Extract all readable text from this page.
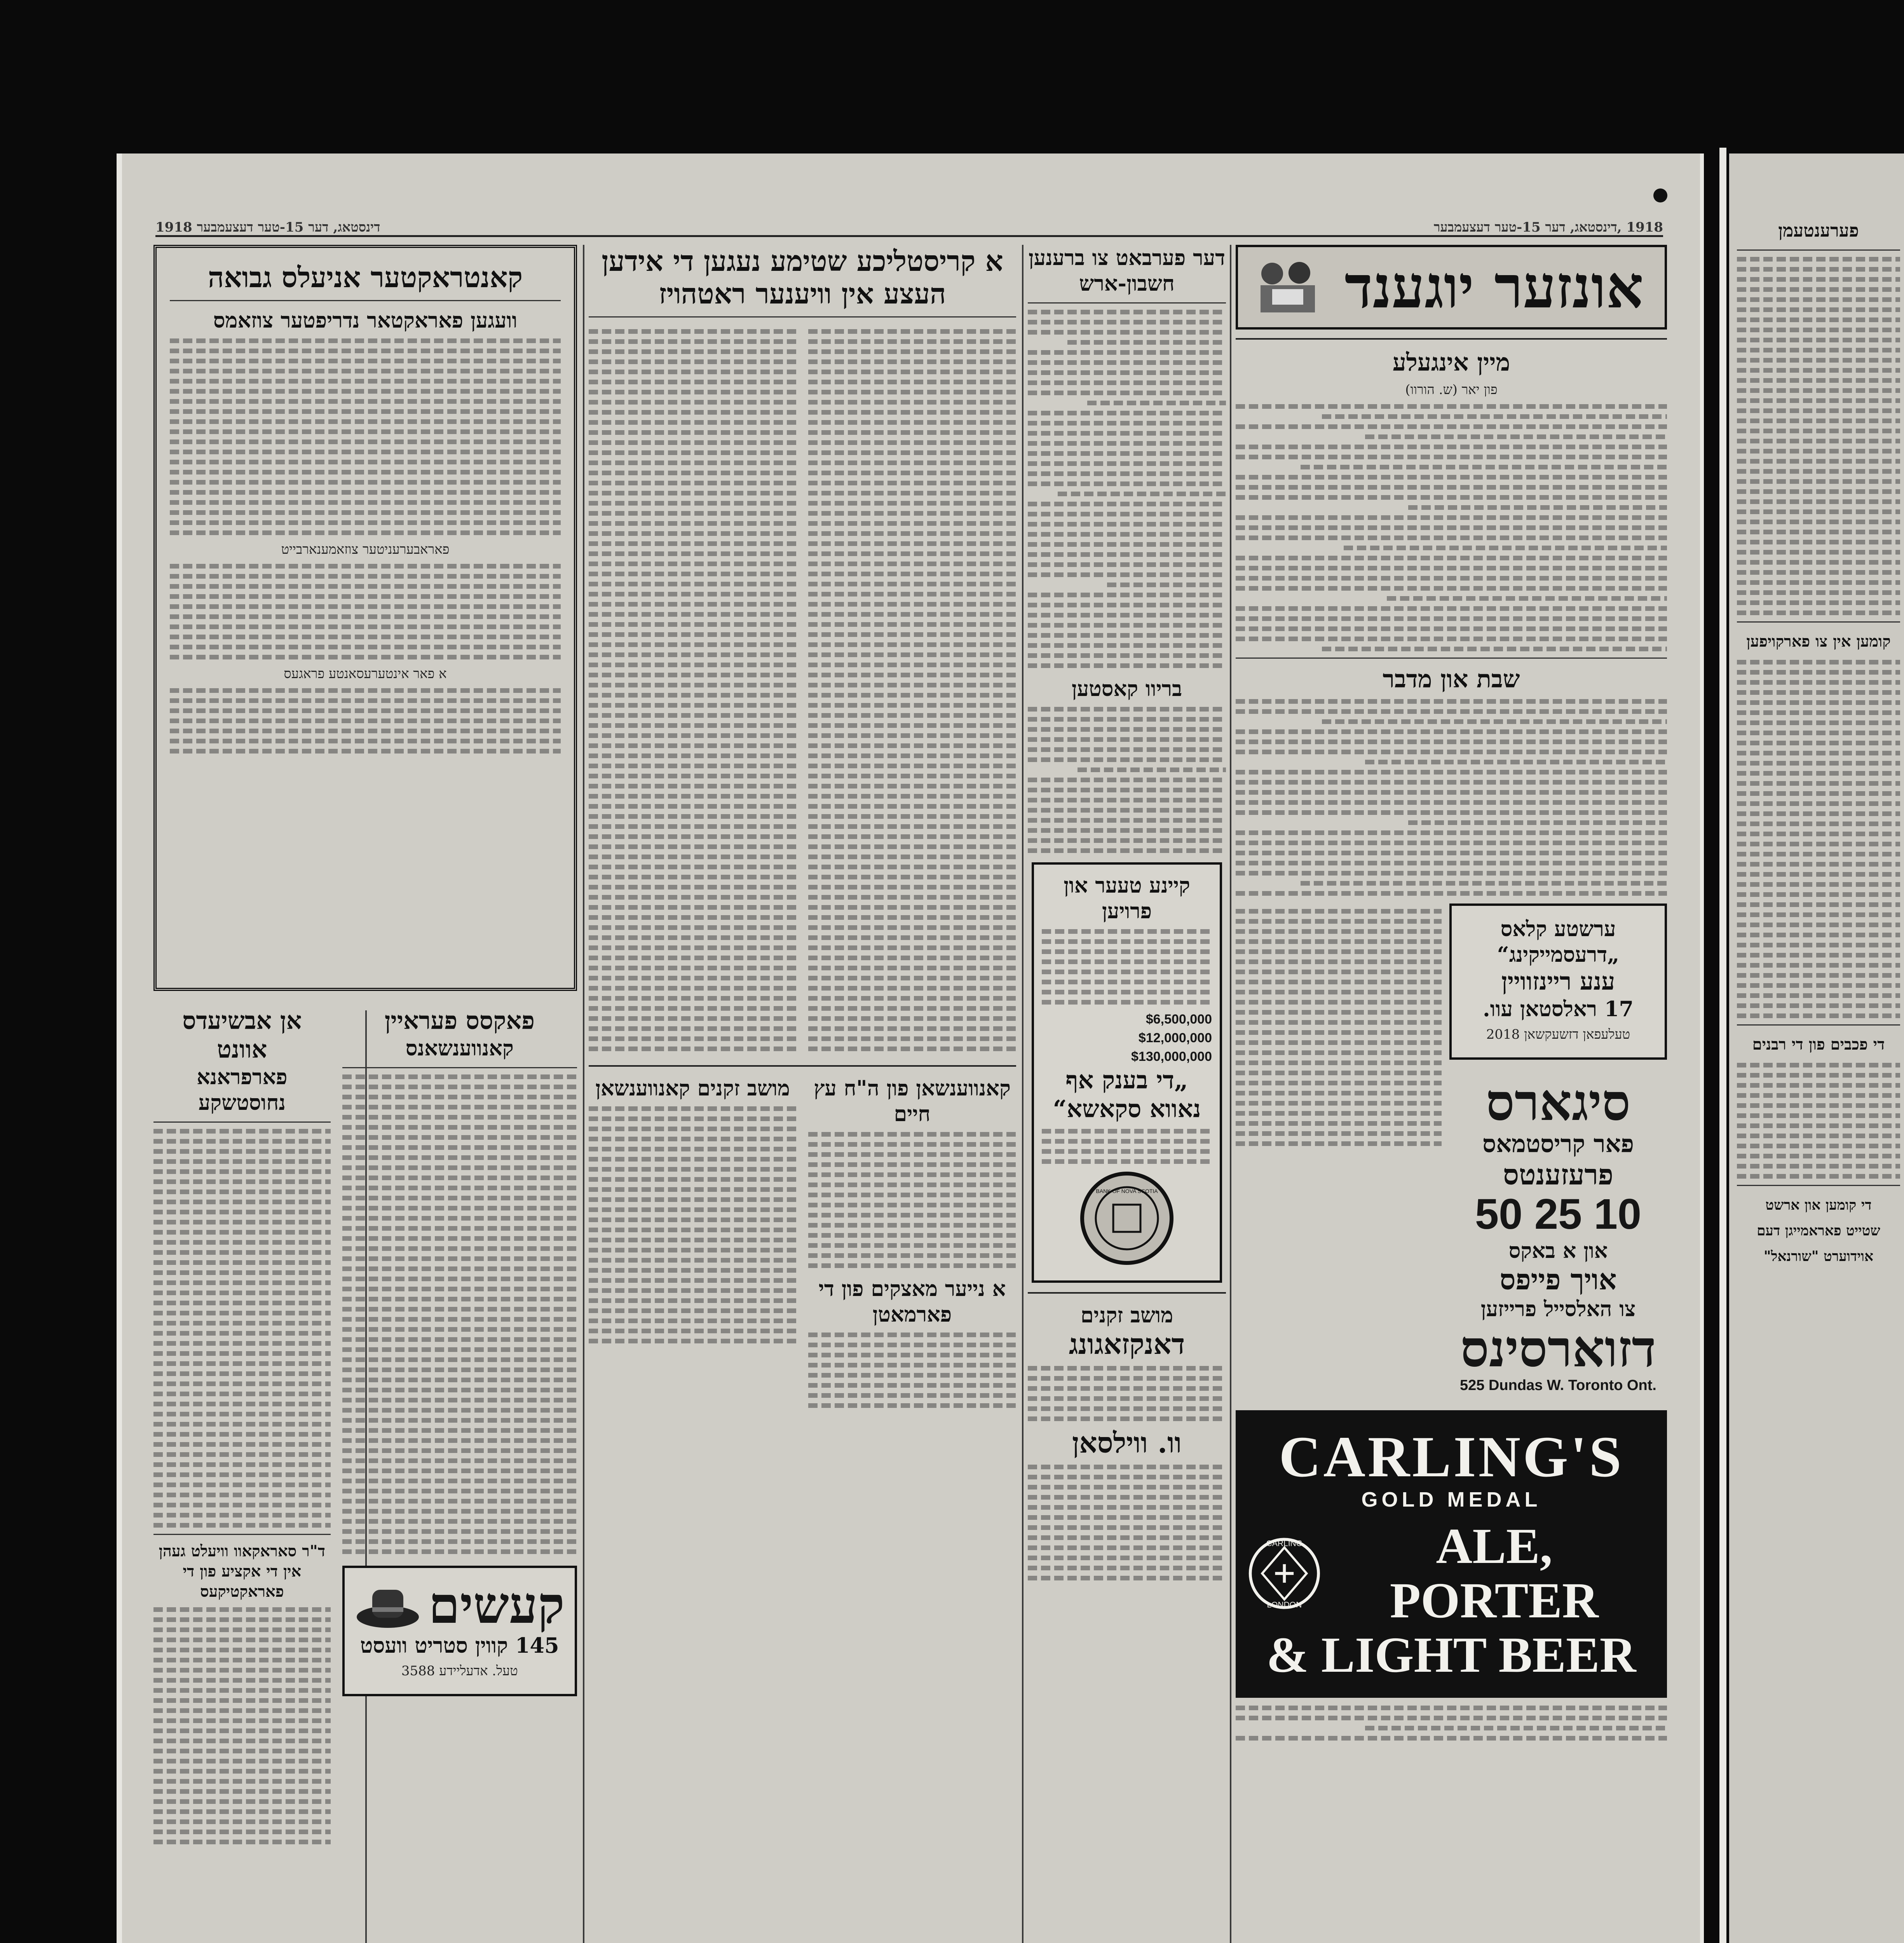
דינסטאג, דער 15-טער דעצעמבער 1918	1918 ,דינסטאג, דער 15-טער דעצעמבער
אונזער יוגענד
מיין אינגעלע
פון יאר (ש. הורוו)
שבת און מדבר
ערשטע קלאס „דרעסמייקינג“
ענע ריינזוויין
17 ראלסטאן עוו.
טעלעפאן דזשעקשאן 2018
סיגארס
פאר קריסטמאס
פרעזענטס
50 25 10
און א באקס
אויך פייפס
צו האלסייל פרייזען
דזוארסינס
525 Dundas W. Toronto Ont.
CARLING'S
GOLD MEDAL
CARLING
LONDON
ALE, PORTER
& LIGHT BEER
דער פערבאט צו ברענען חשבון-ארש
בריוו קאסטען
קיינע טעער און פרויען
$6,500,000
$12,000,000
$130,000,000
„די בענק אף נאווא סקאשא“
BANK OF NOVA SCOTIA
מושב זקנים
דאנקזאגונג
וו. ווילסאן
א קריסטליכע שטימע נעגען די אידען
העצע אין וויענער ראטהויז
מושב זקנים קאנווענשאן	קאנווענשאן פון ה"ח עץ חיים
א נייער מאצקים פון די פארמאטן
קאנטראקטער אניעלס גבואה
וועגען פאראקטאר נדריפטער צוזאמס
פאראבערעניטער צוזאמענארבייט
א פאר אינטערעסאנטע פראגעס
אן אבשיעדס אוונט
פארפראנא נחוסטשקע
ד"ר סאראקאוו וויעלט געהן אין די אקציע פון די פאראקטיקעס
פאקסס פעראיין
קאנווענשאנס
קעשים
145 קווין סטריט וועסט
טעל. אדעליידע 3588
פערענטעמן
קומען אין צו פארקויפען
די פכבים פון די רבנים
די קומען און ארשט
שטייט פאראמייגן דעם אוידוערט "שורנאל"
